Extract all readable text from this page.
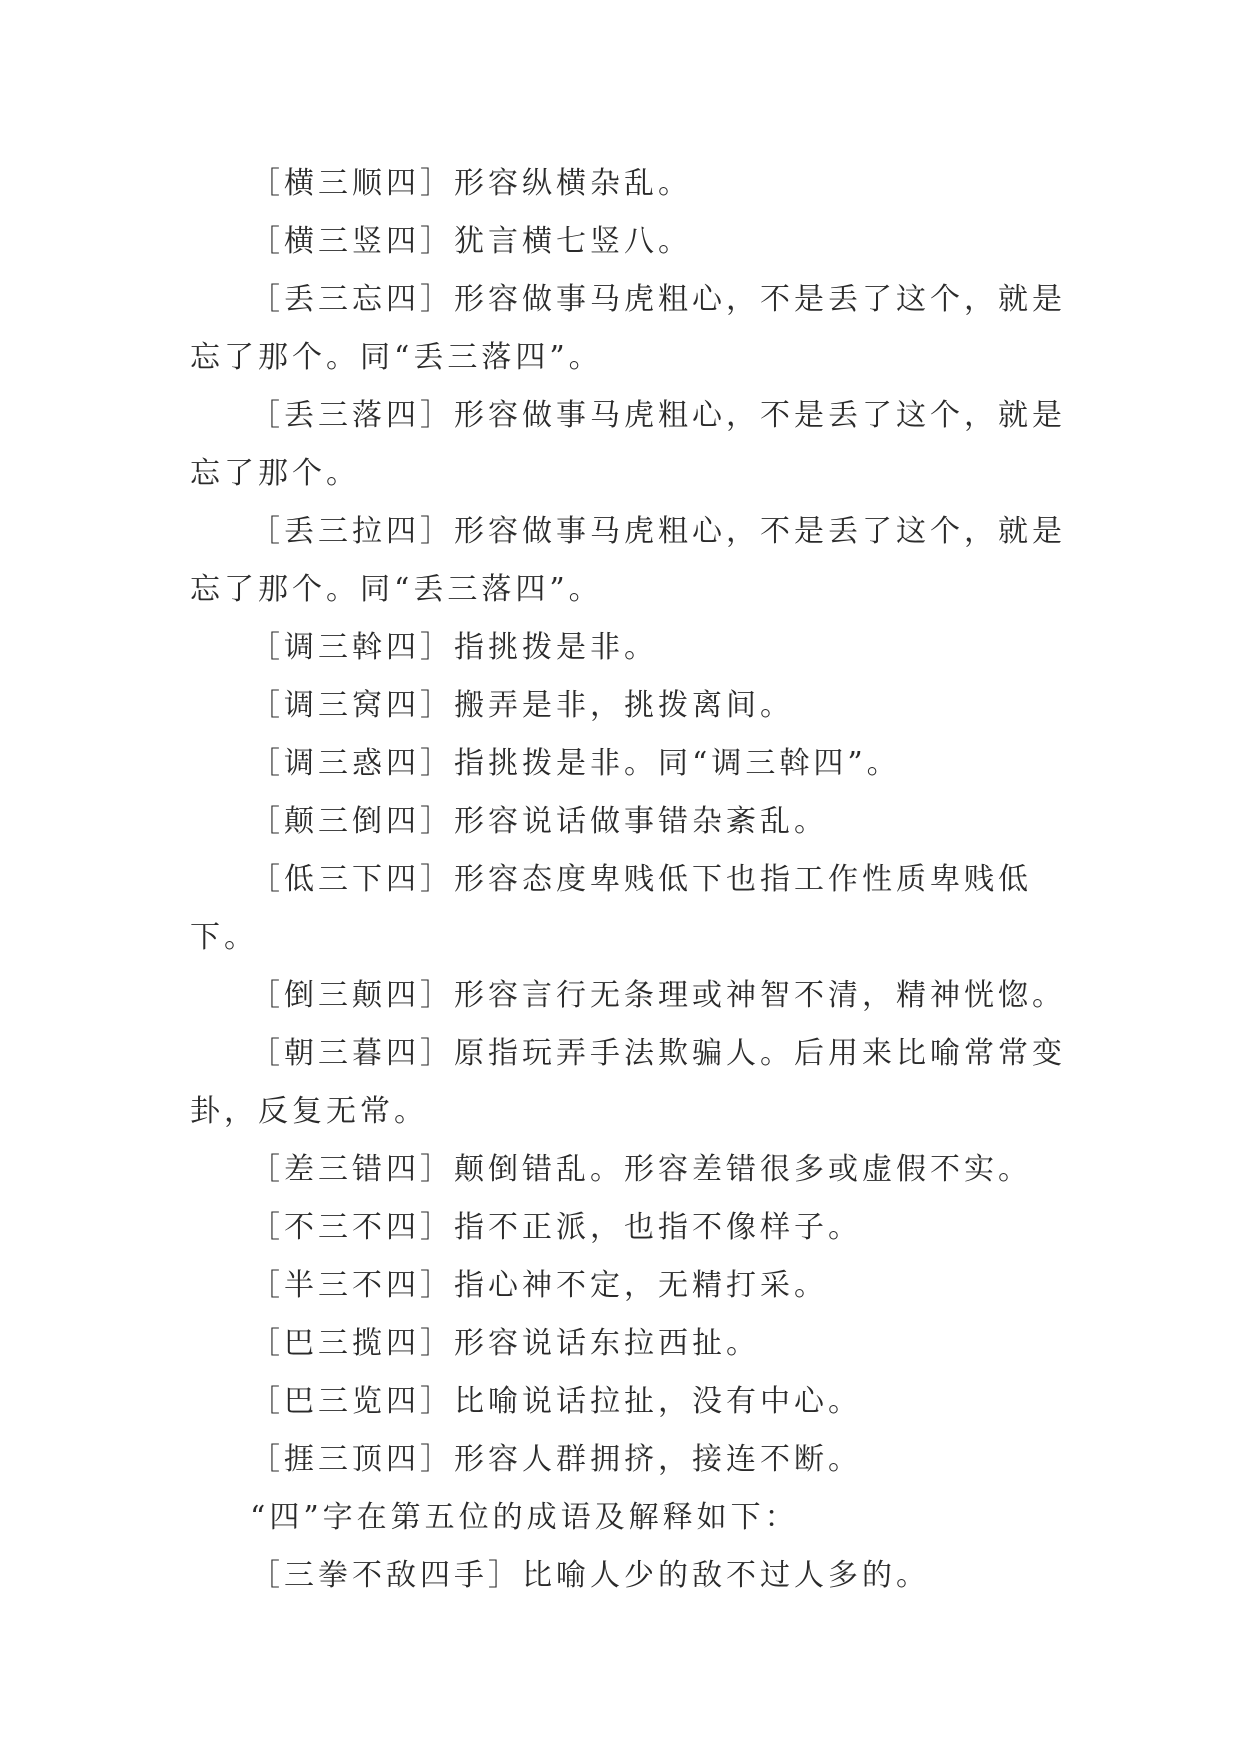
［横三顺四］形容纵横杂乱。

［横三竖四］犹言横七竖八。

［丢三忘四］形容做事马虎粗心，不是丢了这个，就是忘了那个。同“丢三落四”。

［丢三落四］形容做事马虎粗心，不是丢了这个，就是忘了那个。

［丢三拉四］形容做事马虎粗心，不是丢了这个，就是忘了那个。同“丢三落四”。

［调三斡四］指挑拨是非。

［调三窝四］搬弄是非，挑拨离间。

［调三惑四］指挑拨是非。同“调三斡四”。

［颠三倒四］形容说话做事错杂紊乱。

［低三下四］形容态度卑贱低下也指工作性质卑贱低下。

［倒三颠四］形容言行无条理或神智不清，精神恍惚。

［朝三暮四］原指玩弄手法欺骗人。后用来比喻常常变卦，反复无常。

［差三错四］颠倒错乱。形容差错很多或虚假不实。

［不三不四］指不正派，也指不像样子。

［半三不四］指心神不定，无精打采。

［巴三揽四］形容说话东拉西扯。

［巴三览四］比喻说话拉扯，没有中心。

［捱三顶四］形容人群拥挤，接连不断。

“四”字在第五位的成语及解释如下：

［三拳不敌四手］比喻人少的敌不过人多的。
